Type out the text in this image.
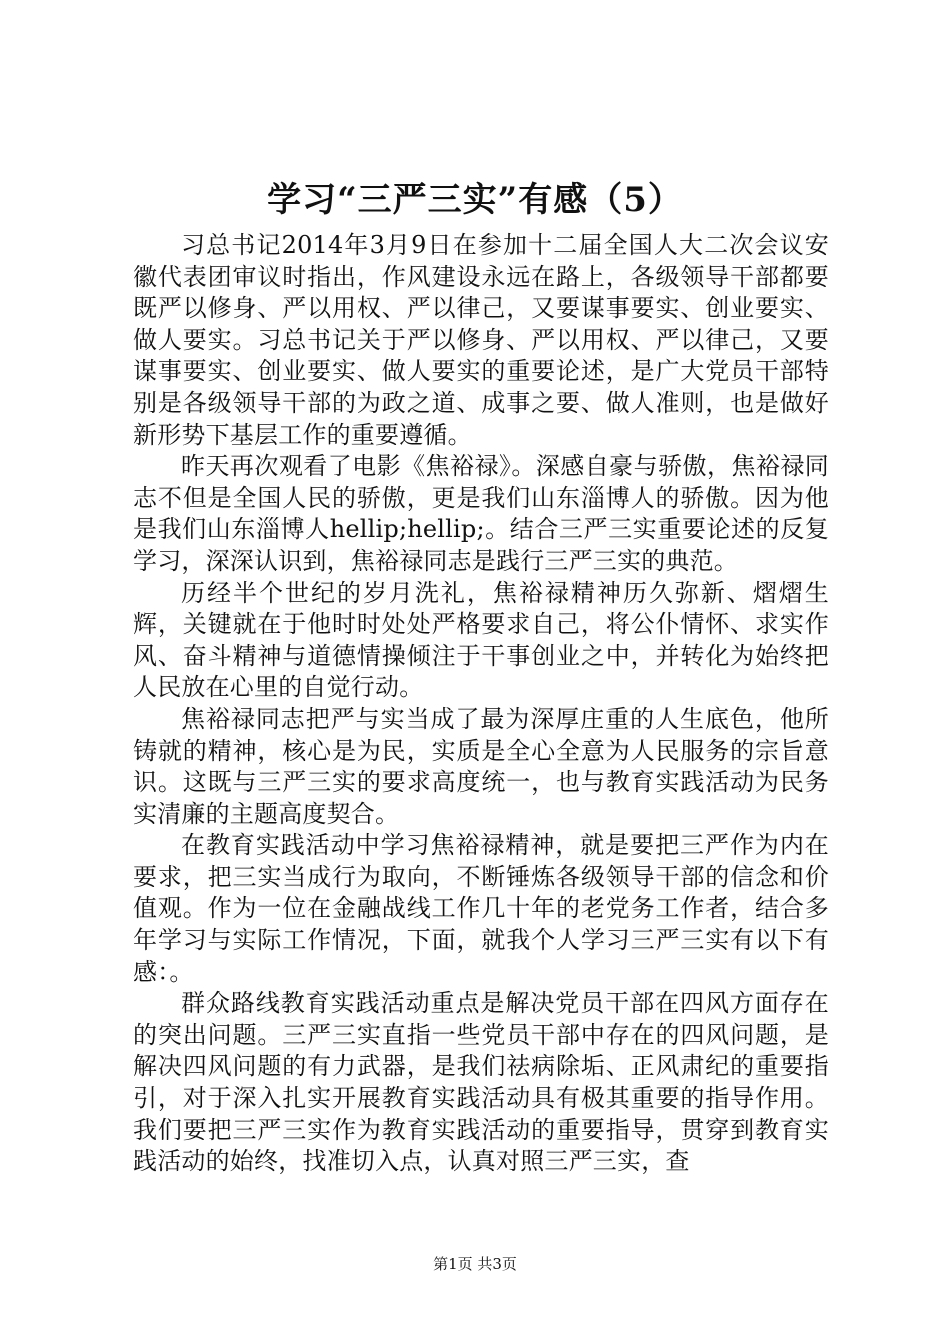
学习“三严三实”有感（5）

习总书记2014年3月9日在参加十二届全国人大二次会议安徽代表团审议时指出，作风建设永远在路上，各级领导干部都要既严以修身、严以用权、严以律己，又要谋事要实、创业要实、做人要实。习总书记关于严以修身、严以用权、严以律己，又要谋事要实、创业要实、做人要实的重要论述，是广大党员干部特别是各级领导干部的为政之道、成事之要、做人准则，也是做好新形势下基层工作的重要遵循。

昨天再次观看了电影《焦裕禄》。深感自豪与骄傲，焦裕禄同志不但是全国人民的骄傲，更是我们山东淄博人的骄傲。因为他是我们山东淄博人hellip;hellip;。结合三严三实重要论述的反复学习，深深认识到，焦裕禄同志是践行三严三实的典范。

历经半个世纪的岁月洗礼，焦裕禄精神历久弥新、熠熠生辉，关键就在于他时时处处严格要求自己，将公仆情怀、求实作风、奋斗精神与道德情操倾注于干事创业之中，并转化为始终把人民放在心里的自觉行动。

焦裕禄同志把严与实当成了最为深厚庄重的人生底色，他所铸就的精神，核心是为民，实质是全心全意为人民服务的宗旨意识。这既与三严三实的要求高度统一，也与教育实践活动为民务实清廉的主题高度契合。

在教育实践活动中学习焦裕禄精神，就是要把三严作为内在要求，把三实当成行为取向，不断锤炼各级领导干部的信念和价值观。作为一位在金融战线工作几十年的老党务工作者，结合多年学习与实际工作情况，下面，就我个人学习三严三实有以下有感：。

群众路线教育实践活动重点是解决党员干部在四风方面存在的突出问题。三严三实直指一些党员干部中存在的四风问题，是解决四风问题的有力武器，是我们祛病除垢、正风肃纪的重要指引，对于深入扎实开展教育实践活动具有极其重要的指导作用。我们要把三严三实作为教育实践活动的重要指导，贯穿到教育实践活动的始终，找准切入点，认真对照三严三实，查

第1页 共3页
